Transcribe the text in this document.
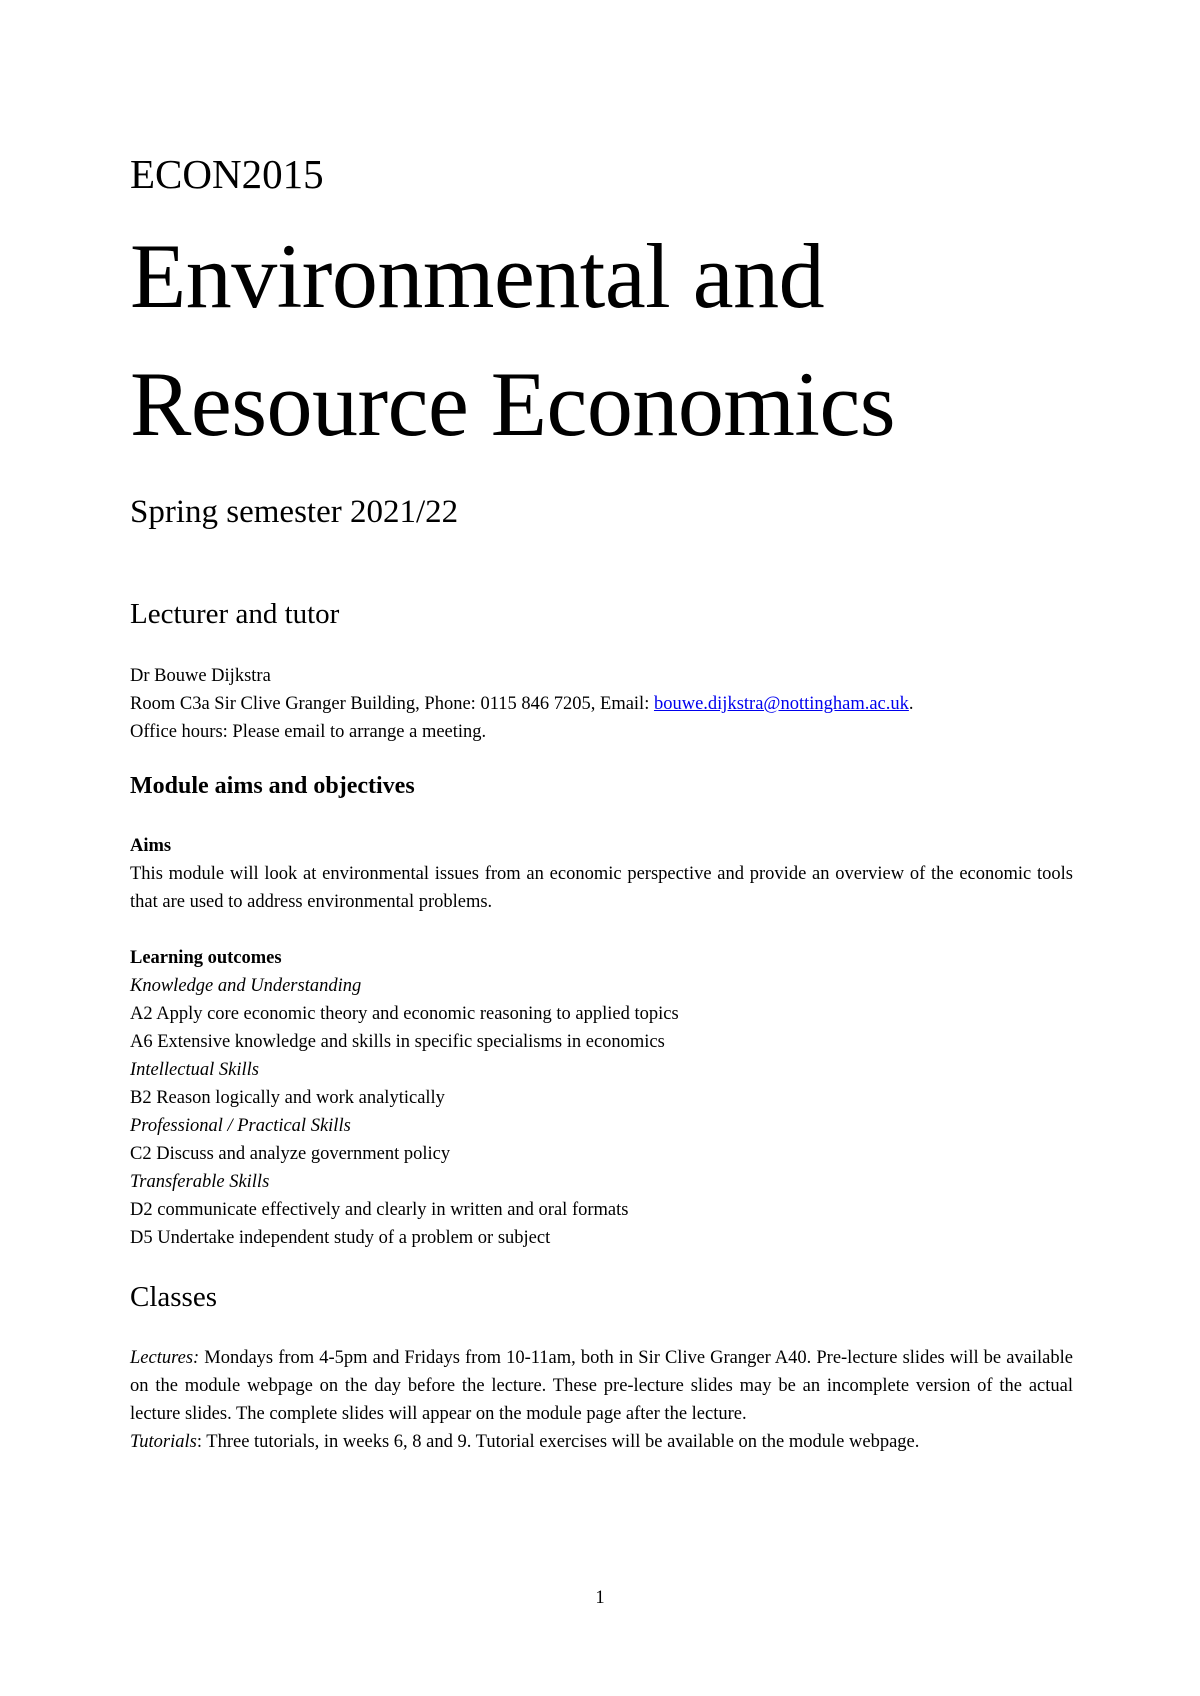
ECON2015

Environmental and
Resource Economics

Spring semester 2021/22

Lecturer and tutor

Dr Bouwe Dijkstra

Room C3a Sir Clive Granger Building, Phone: 0115 846 7205, Email: bouwe.dijkstra@nottingham.ac.uk.

Office hours: Please email to arrange a meeting.

Module aims and objectives

Aims

This module will look at environmental issues from an economic perspective and provide an overview of the economic tools that are used to address environmental problems.

Learning outcomes

Knowledge and Understanding
A2 Apply core economic theory and economic reasoning to applied topics
A6 Extensive knowledge and skills in specific specialisms in economics
Intellectual Skills
B2 Reason logically and work analytically
Professional / Practical Skills
C2 Discuss and analyze government policy
Transferable Skills
D2 communicate effectively and clearly in written and oral formats
D5 Undertake independent study of a problem or subject
Classes

Lectures: Mondays from 4-5pm and Fridays from 10-11am, both in Sir Clive Granger A40. Pre-lecture slides will be available on the module webpage on the day before the lecture. These pre-lecture slides may be an incomplete version of the actual lecture slides. The complete slides will appear on the module page after the lecture.

Tutorials: Three tutorials, in weeks 6, 8 and 9. Tutorial exercises will be available on the module webpage.

1
